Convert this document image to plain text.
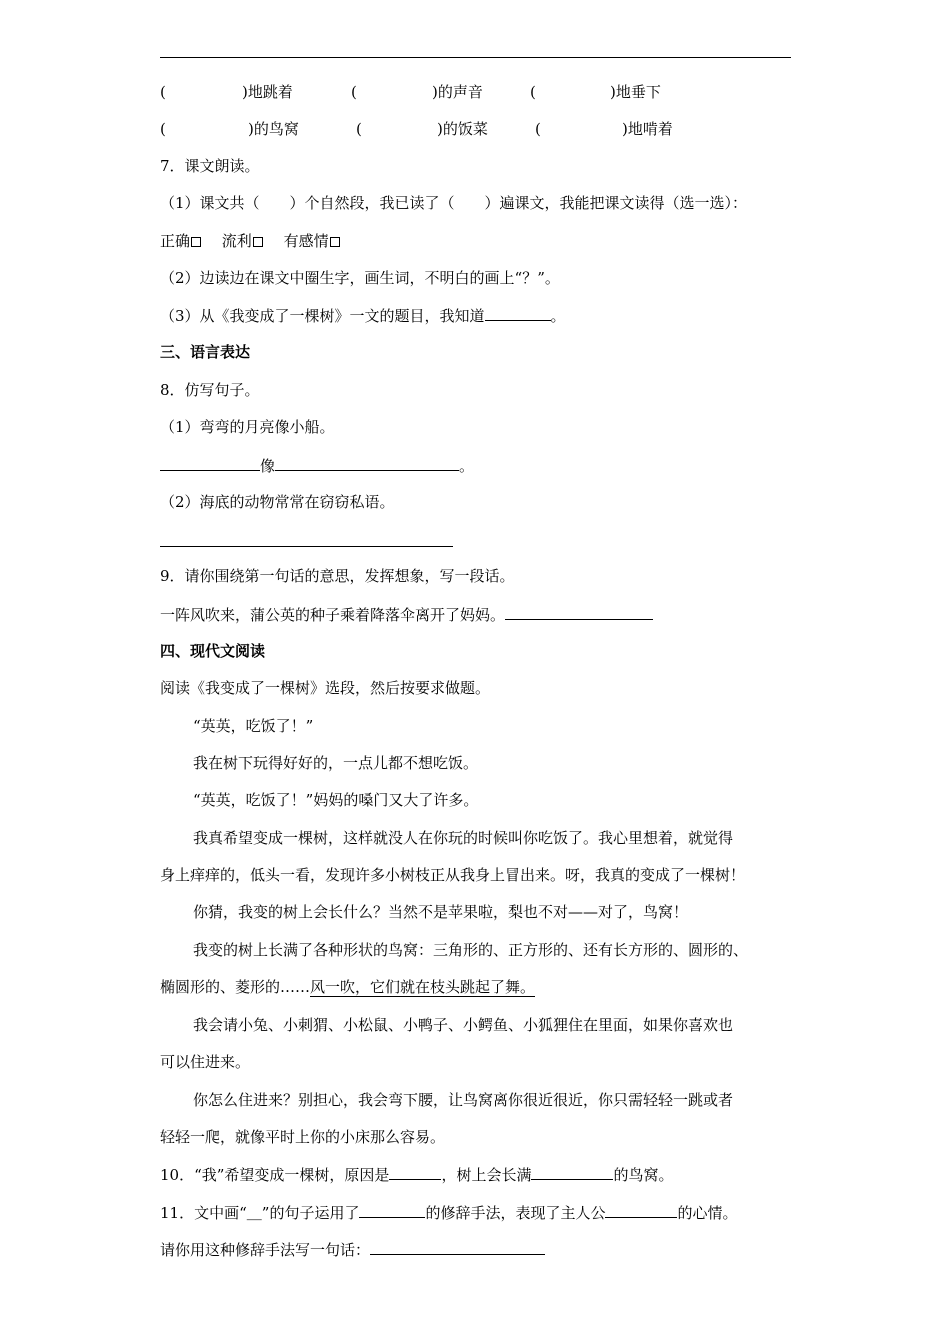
(	)地跳着	(	)的声音	(	)地垂下
(	)的鸟窝	(	)的饭菜	(	)地啃着
7．课文朗读。
（1）课文共（　　）个自然段，我已读了（　　）遍课文，我能把课文读得（选一选）：
正确 流利 有感情
（2）边读边在课文中圈生字，画生词，不明白的画上“？”。
（3）从《我变成了一棵树》一文的题目，我知道	。
三、语言表达
8．仿写句子。
（1）弯弯的月亮像小船。
像	。
（2）海底的动物常常在窃窃私语。
9．请你围绕第一句话的意思，发挥想象，写一段话。
一阵风吹来，蒲公英的种子乘着降落伞离开了妈妈。
四、现代文阅读
阅读《我变成了一棵树》选段，然后按要求做题。
“英英，吃饭了！”
我在树下玩得好好的，一点儿都不想吃饭。
“英英，吃饭了！”妈妈的嗓门又大了许多。
我真希望变成一棵树，这样就没人在你玩的时候叫你吃饭了。我心里想着，就觉得
身上痒痒的，低头一看，发现许多小树枝正从我身上冒出来。呀，我真的变成了一棵树！
你猜，我变的树上会长什么？当然不是苹果啦，梨也不对——对了，鸟窝！
我变的树上长满了各种形状的鸟窝：三角形的、正方形的、还有长方形的、圆形的、
椭圆形的、菱形的……风一吹，它们就在枝头跳起了舞。
我会请小兔、小刺猬、小松鼠、小鸭子、小鳄鱼、小狐狸住在里面，如果你喜欢也
可以住进来。
你怎么住进来？别担心，我会弯下腰，让鸟窝离你很近很近，你只需轻轻一跳或者
轻轻一爬，就像平时上你的小床那么容易。
10．“我”希望变成一棵树，原因是	，树上会长满	的鸟窝。
11．文中画“＿”的句子运用了	的修辞手法，表现了主人公	的心情。
请你用这种修辞手法写一句话：
